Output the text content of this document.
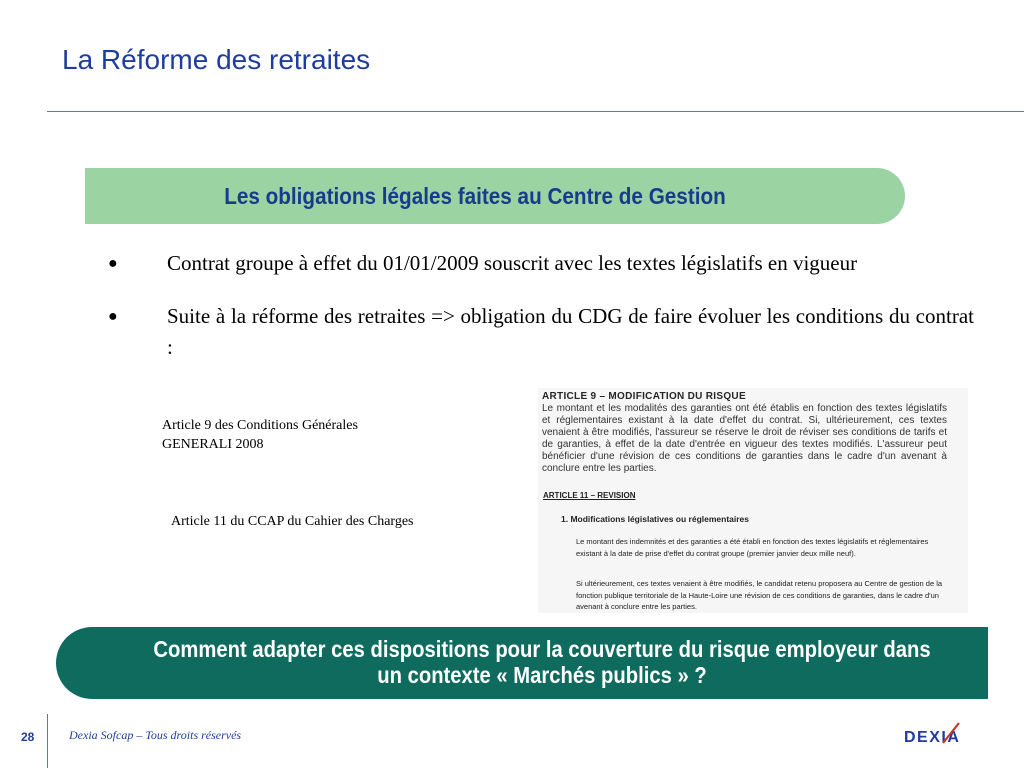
La Réforme des retraites
Les obligations légales faites au Centre de Gestion
●	Contrat groupe à effet du 01/01/2009 souscrit avec les textes législatifs en vigueur
●	Suite à la réforme des retraites => obligation du CDG de faire évoluer les conditions du contrat :
Article 9 des Conditions Générales GENERALI 2008
Article 11 du CCAP du Cahier des Charges
ARTICLE 9 – MODIFICATION DU RISQUE
Le montant et les modalités des garanties ont été établis en fonction des textes législatifs et réglementaires existant à la date d'effet du contrat. Si, ultérieurement, ces textes venaient à être modifiés, l'assureur se réserve le droit de réviser ses conditions de tarifs et de garanties, à effet de la date d'entrée en vigueur des textes modifiés. L'assureur peut bénéficier d'une révision de ces conditions de garanties dans le cadre d'un avenant à conclure entre les parties.
ARTICLE 11 – REVISION
1. Modifications législatives ou réglementaires
Le montant des indemnités et des garanties a été établi en fonction des textes législatifs et réglementaires existant à la date de prise d'effet du contrat groupe (premier janvier deux mille neuf).
Si ultérieurement, ces textes venaient à être modifiés, le candidat retenu proposera au Centre de gestion de la fonction publique territoriale de la Haute-Loire une révision de ces conditions de garanties, dans le cadre d'un avenant à conclure entre les parties.
Comment adapter ces dispositions pour la couverture du risque employeur dans un contexte « Marchés publics » ?
28	Dexia Sofcap – Tous droits réservés	DEXIA
